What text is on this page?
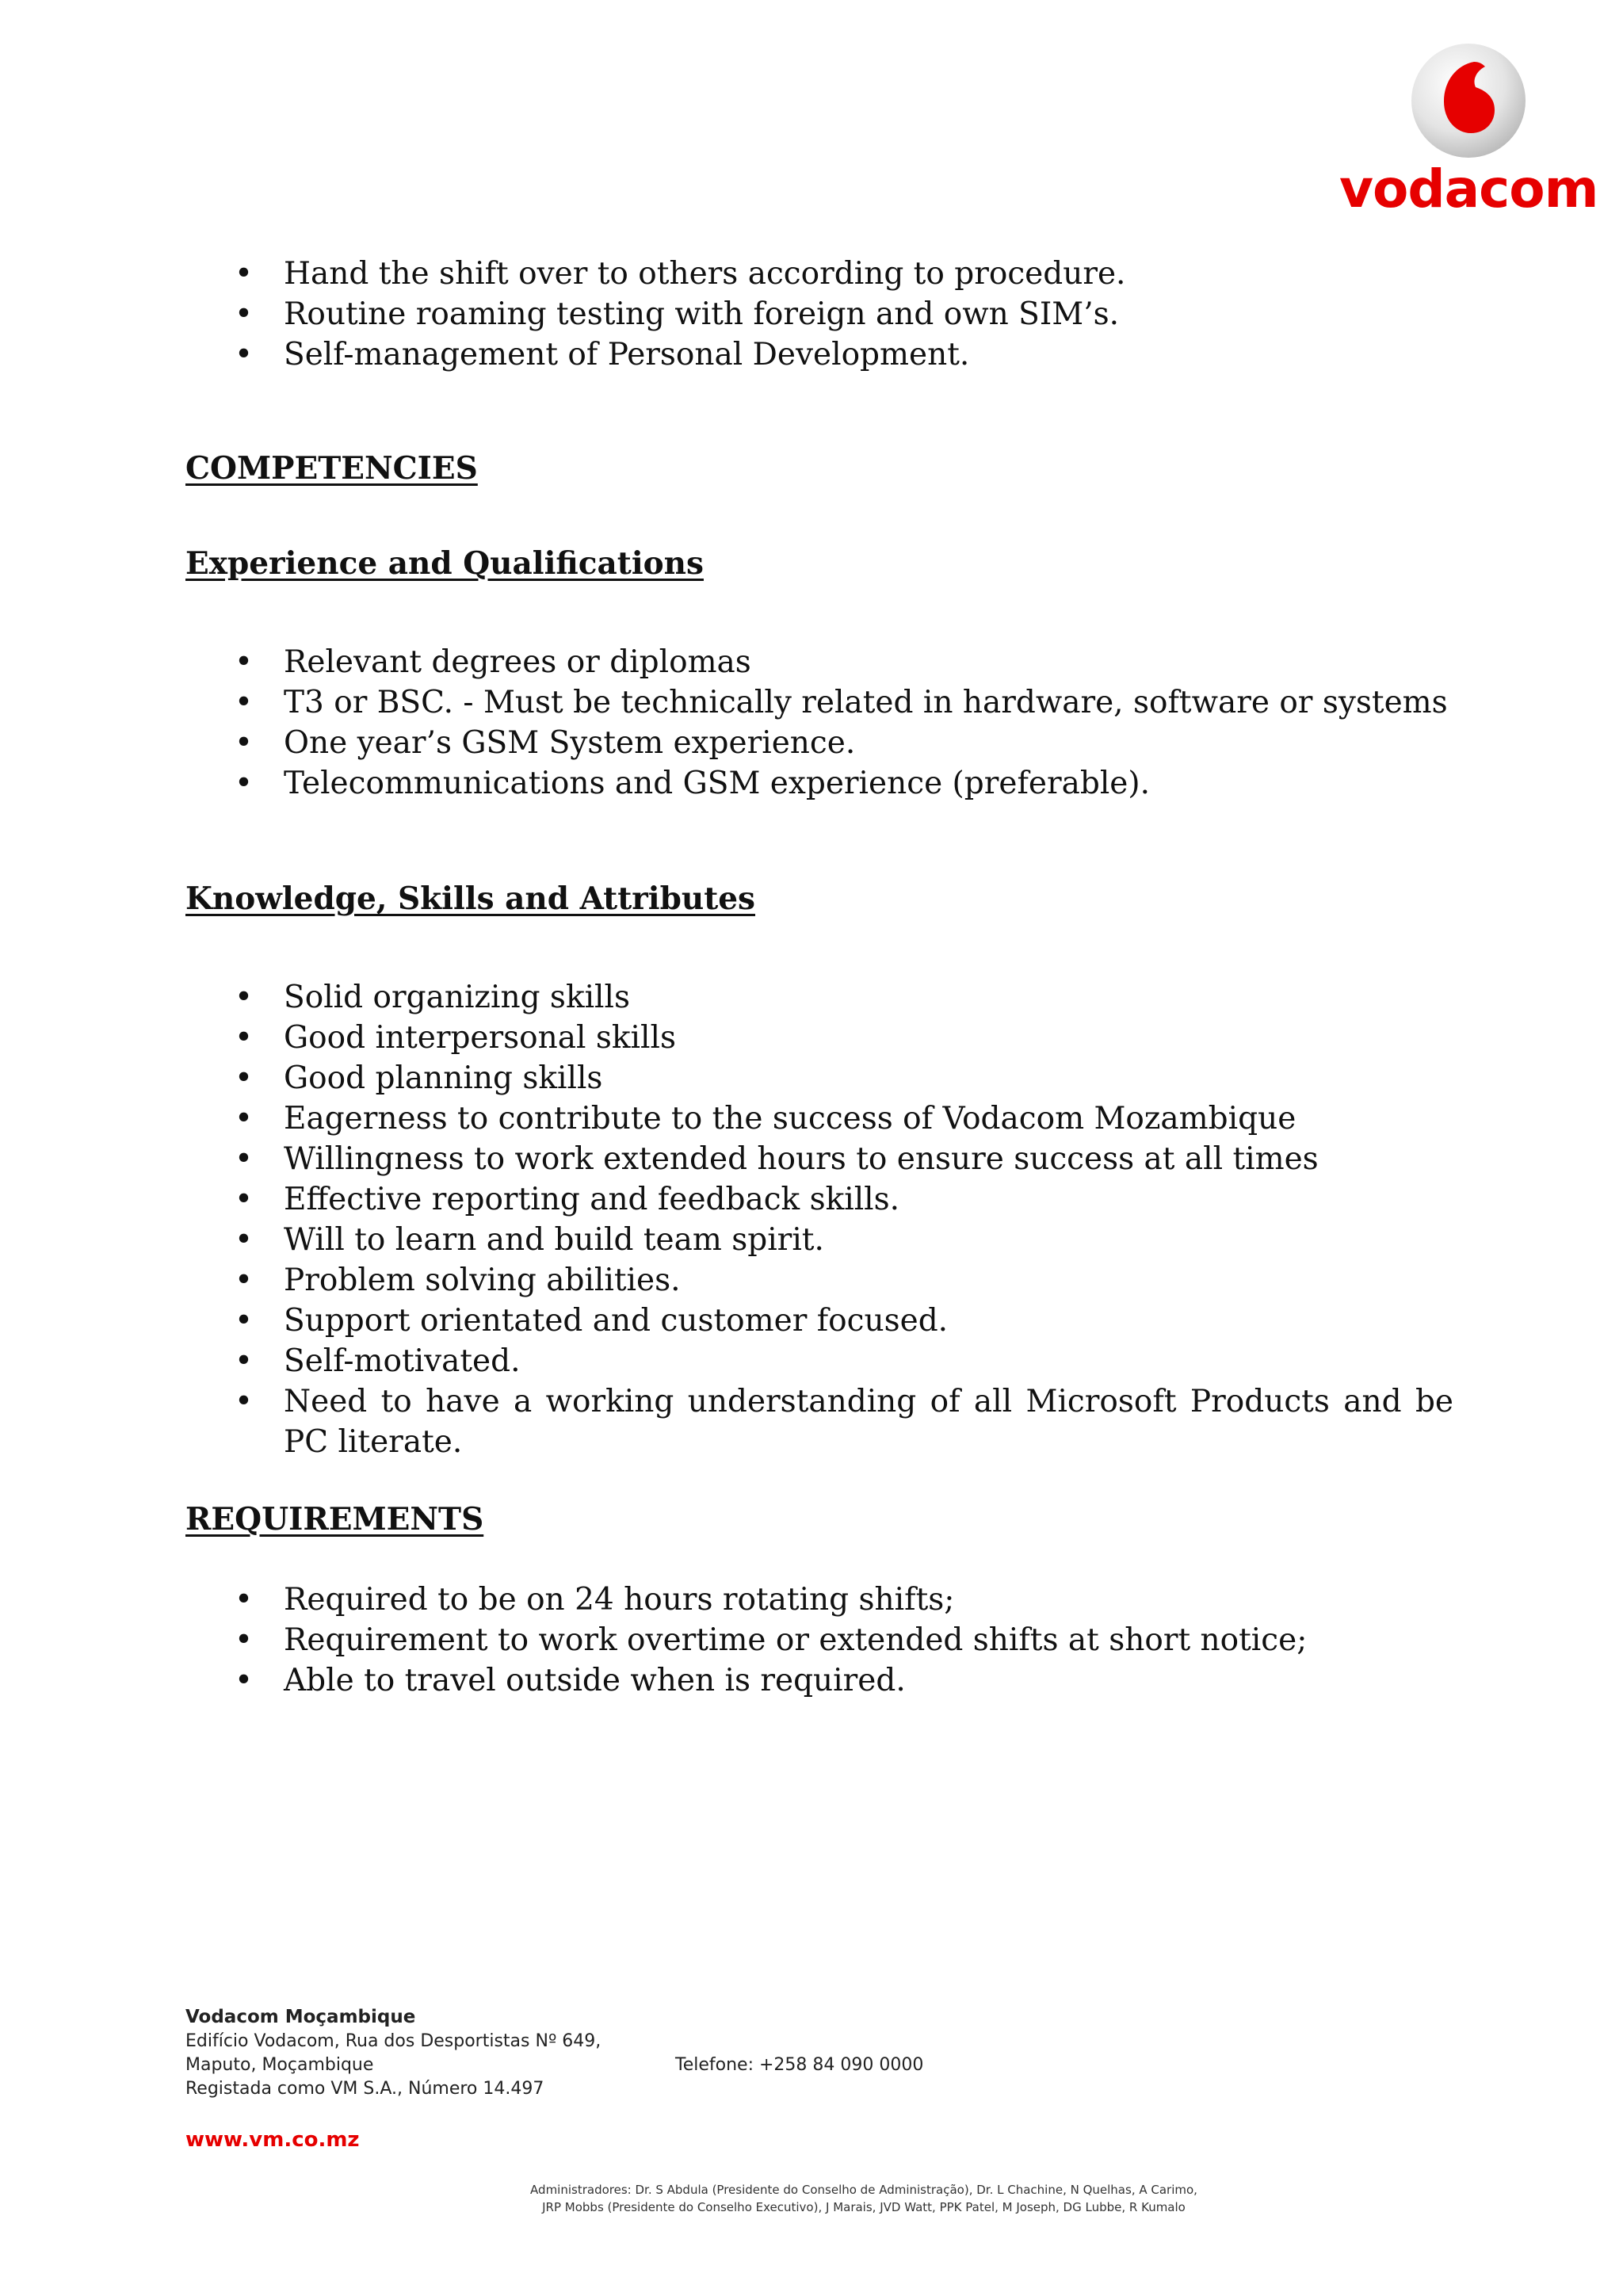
vodacom
• Hand the shift over to others according to procedure.
• Routine roaming testing with foreign and own SIM’s.
• Self-management of Personal Development.
COMPETENCIES
Experience and Qualifications
• Relevant degrees or diplomas
• T3 or BSC. - Must be technically related in hardware, software or systems
• One year’s GSM System experience.
• Telecommunications and GSM experience (preferable).
Knowledge, Skills and Attributes
• Solid organizing skills
• Good interpersonal skills
• Good planning skills
• Eagerness to contribute to the success of Vodacom Mozambique
• Willingness to work extended hours to ensure success at all times
• Effective reporting and feedback skills.
• Will to learn and build team spirit.
• Problem solving abilities.
• Support orientated and customer focused.
• Self-motivated.
• Need to have a working understanding of all Microsoft Products and be PC literate.
REQUIREMENTS
• Required to be on 24 hours rotating shifts;
• Requirement to work overtime or extended shifts at short notice;
• Able to travel outside when is required.
Vodacom Moçambique
Edifício Vodacom, Rua dos Desportistas Nº 649,
Maputo, Moçambique
Registada como VM S.A., Número 14.497
Telefone: +258 84 090 0000
www.vm.co.mz
Administradores: Dr. S Abdula (Presidente do Conselho de Administração), Dr. L Chachine, N Quelhas, A Carimo,
JRP Mobbs (Presidente do Conselho Executivo), J Marais, JVD Watt, PPK Patel, M Joseph, DG Lubbe, R Kumalo
